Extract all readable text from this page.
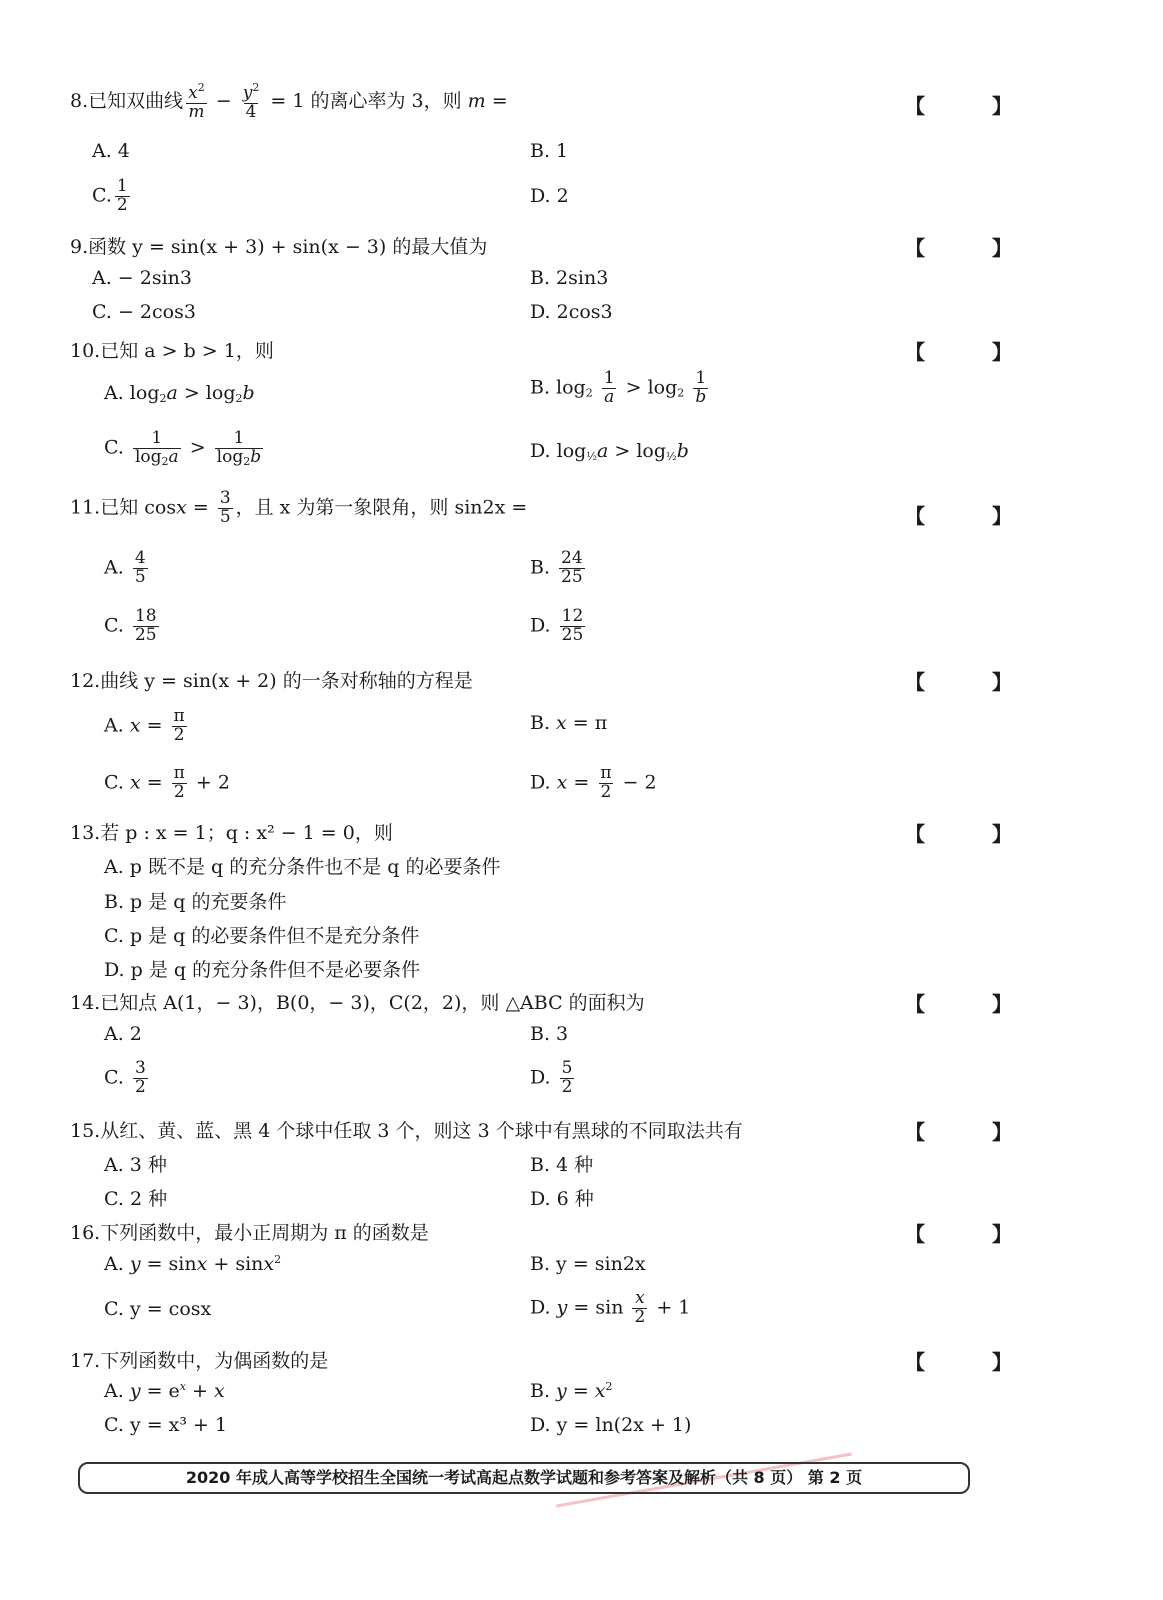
8.已知双曲线 $\frac{x^2}{m} - \frac{y^2}{4} = 1$ 的离心率为 3，则 m =	【 】
A. 4	B. 1
C. $\frac{1}{2}$	D. 2
9.函数 y = sin(x + 3) + sin(x − 3) 的最大值为	【 】
A. − 2sin3	B. 2sin3
C. − 2cos3	D. 2cos3
10.已知 a > b > 1，则	【 】
A. $\log_2a > \log_2b$	B. $\log_2 \frac{1}{a} > \log_2 \frac{1}{b}$
C. $\frac{1}{\log_2a} > \frac{1}{\log_2b}$	D. $\log_{\frac{1}{2}}a > \log_{\frac{1}{2}}b$
11.已知 $\cos x = \frac{3}{5}$ ，且 x 为第一象限角，则 sin2x =	【 】
A. $\frac{4}{5}$	B. $\frac{24}{25}$
C. $\frac{18}{25}$	D. $\frac{12}{25}$
12.曲线 y = sin(x + 2) 的一条对称轴的方程是	【 】
A. $x = \frac{\pi}{2}$	B. x = π
C. $x = \frac{\pi}{2} + 2$	D. $x = \frac{\pi}{2} - 2$
13.若 p : x = 1；q : x² − 1 = 0，则	【 】
A. p 既不是 q 的充分条件也不是 q 的必要条件
B. p 是 q 的充要条件
C. p 是 q 的必要条件但不是充分条件
D. p 是 q 的充分条件但不是必要条件
14.已知点 A(1，− 3)，B(0，− 3)，C(2，2)，则 △ABC 的面积为	【 】
A. 2	B. 3
C. $\frac{3}{2}$	D. $\frac{5}{2}$
15.从红、黄、蓝、黑 4 个球中任取 3 个，则这 3 个球中有黑球的不同取法共有	【 】
A. 3 种	B. 4 种
C. 2 种	D. 6 种
16.下列函数中，最小正周期为 π 的函数是	【 】
A. y = sinx + sinx$^2$	B. y = sin2x
C. y = cosx	D. $y = \sin \frac{x}{2} + 1$
17.下列函数中，为偶函数的是	【 】
A. $y = e^x + x$	B. $y = x^2$
C. y = x³ + 1	D. y = ln(2x + 1)
2020 年成人高等学校招生全国统一考试高起点数学试题和参考答案及解析（共 8 页） 第 2 页
